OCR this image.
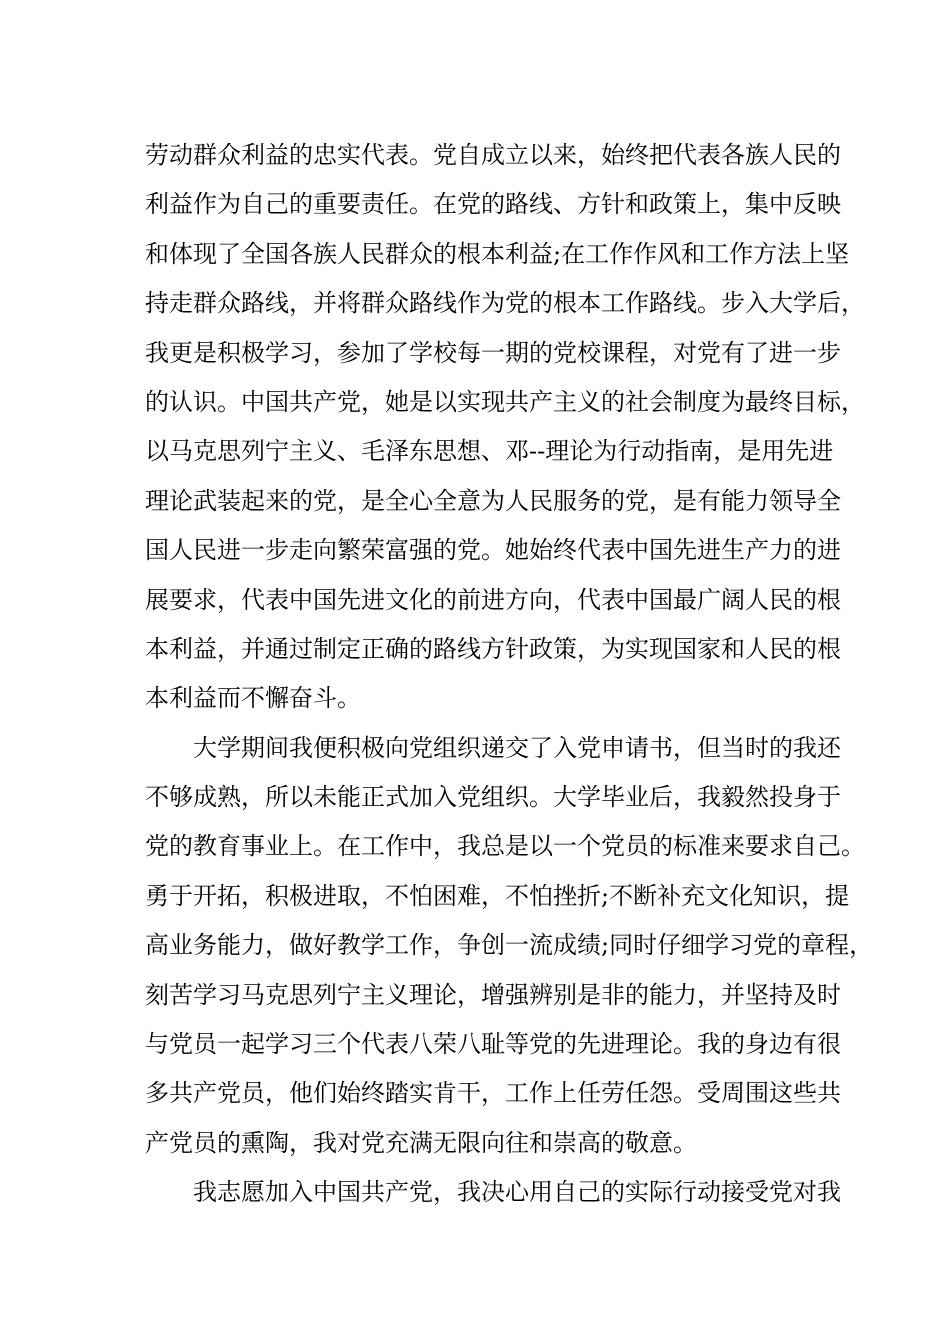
劳动群众利益的忠实代表。党自成立以来，始终把代表各族人民的
利益作为自己的重要责任。在党的路线、方针和政策上，集中反映
和体现了全国各族人民群众的根本利益;在工作作风和工作方法上坚
持走群众路线，并将群众路线作为党的根本工作路线。步入大学后，
我更是积极学习，参加了学校每一期的党校课程，对党有了进一步
的认识。中国共产党，她是以实现共产主义的社会制度为最终目标，
以马克思列宁主义、毛泽东思想、邓--理论为行动指南，是用先进
理论武装起来的党，是全心全意为人民服务的党，是有能力领导全
国人民进一步走向繁荣富强的党。她始终代表中国先进生产力的进
展要求，代表中国先进文化的前进方向，代表中国最广阔人民的根
本利益，并通过制定正确的路线方针政策，为实现国家和人民的根
本利益而不懈奋斗。
大学期间我便积极向党组织递交了入党申请书，但当时的我还
不够成熟，所以未能正式加入党组织。大学毕业后，我毅然投身于
党的教育事业上。在工作中，我总是以一个党员的标准来要求自己。
勇于开拓，积极进取，不怕困难，不怕挫折;不断补充文化知识，提
高业务能力，做好教学工作，争创一流成绩;同时仔细学习党的章程，
刻苦学习马克思列宁主义理论，增强辨别是非的能力，并坚持及时
与党员一起学习三个代表八荣八耻等党的先进理论。我的身边有很
多共产党员，他们始终踏实肯干，工作上任劳任怨。受周围这些共
产党员的熏陶，我对党充满无限向往和崇高的敬意。
我志愿加入中国共产党，我决心用自己的实际行动接受党对我
